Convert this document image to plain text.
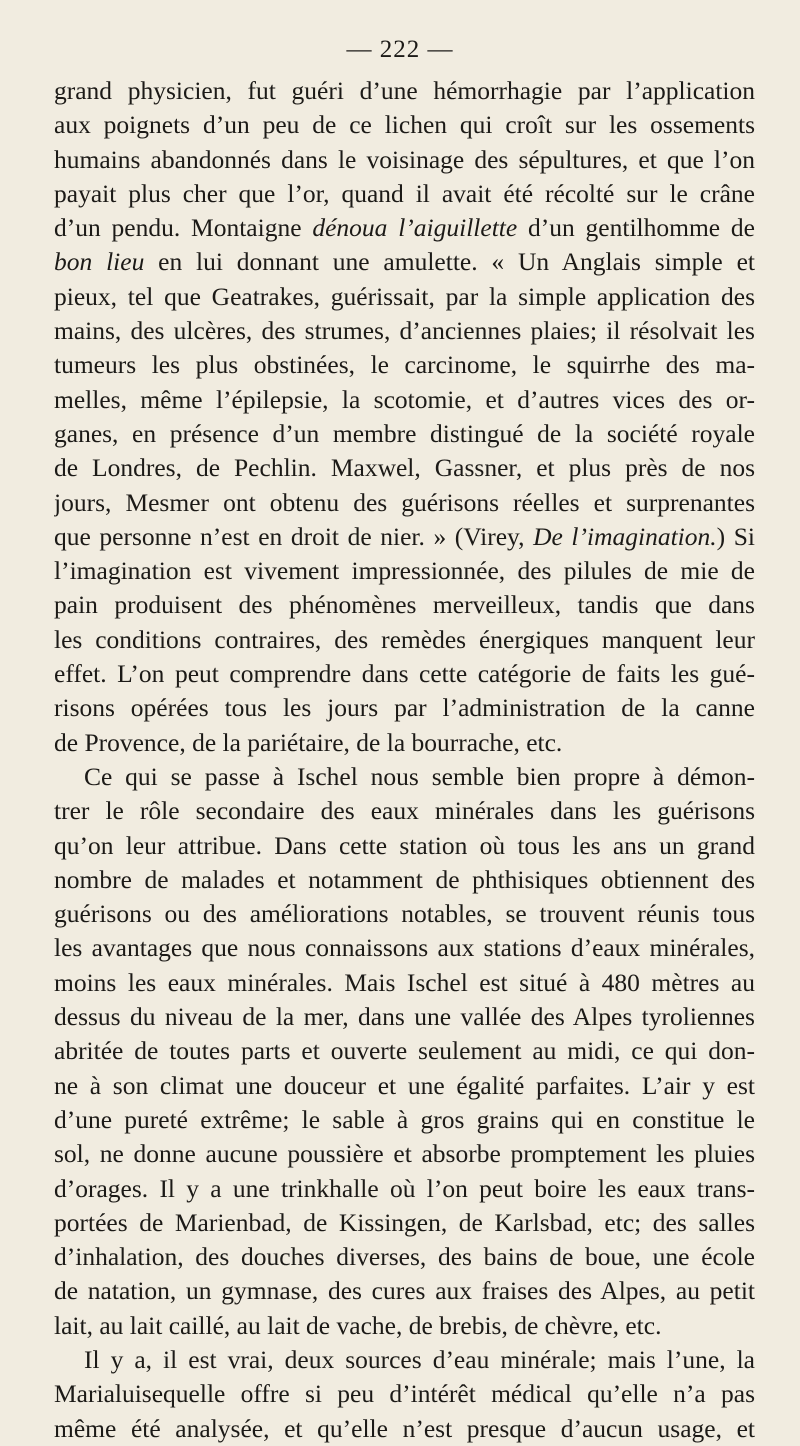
— 222 —
grand physicien, fut guéri d’une hémorrhagie par l’application
aux poignets d’un peu de ce lichen qui croît sur les ossements
humains abandonnés dans le voisinage des sépultures, et que l’on
payait plus cher que l’or, quand il avait été récolté sur le crâne
d’un pendu. Montaigne dénoua l’aiguillette d’un gentilhomme de
bon lieu en lui donnant une amulette. « Un Anglais simple et
pieux, tel que Geatrakes, guérissait, par la simple application des
mains, des ulcères, des strumes, d’anciennes plaies; il résolvait les
tumeurs les plus obstinées, le carcinome, le squirrhe des ma-
melles, même l’épilepsie, la scotomie, et d’autres vices des or-
ganes, en présence d’un membre distingué de la société royale
de Londres, de Pechlin. Maxwel, Gassner, et plus près de nos
jours, Mesmer ont obtenu des guérisons réelles et surprenantes
que personne n’est en droit de nier. » (Virey, De l’imagination.) Si
l’imagination est vivement impressionnée, des pilules de mie de
pain produisent des phénomènes merveilleux, tandis que dans
les conditions contraires, des remèdes énergiques manquent leur
effet. L’on peut comprendre dans cette catégorie de faits les gué-
risons opérées tous les jours par l’administration de la canne
de Provence, de la pariétaire, de la bourrache, etc.
Ce qui se passe à Ischel nous semble bien propre à démon-
trer le rôle secondaire des eaux minérales dans les guérisons
qu’on leur attribue. Dans cette station où tous les ans un grand
nombre de malades et notamment de phthisiques obtiennent des
guérisons ou des améliorations notables, se trouvent réunis tous
les avantages que nous connaissons aux stations d’eaux minérales,
moins les eaux minérales. Mais Ischel est situé à 480 mètres au
dessus du niveau de la mer, dans une vallée des Alpes tyroliennes
abritée de toutes parts et ouverte seulement au midi, ce qui don-
ne à son climat une douceur et une égalité parfaites. L’air y est
d’une pureté extrême; le sable à gros grains qui en constitue le
sol, ne donne aucune poussière et absorbe promptement les pluies
d’orages. Il y a une trinkhalle où l’on peut boire les eaux trans-
portées de Marienbad, de Kissingen, de Karlsbad, etc; des salles
d’inhalation, des douches diverses, des bains de boue, une école
de natation, un gymnase, des cures aux fraises des Alpes, au petit
lait, au lait caillé, au lait de vache, de brebis, de chèvre, etc.
Il y a, il est vrai, deux sources d’eau minérale; mais l’une, la
Marialuisequelle offre si peu d’intérêt médical qu’elle n’a pas
même été analysée, et qu’elle n’est presque d’aucun usage, et
